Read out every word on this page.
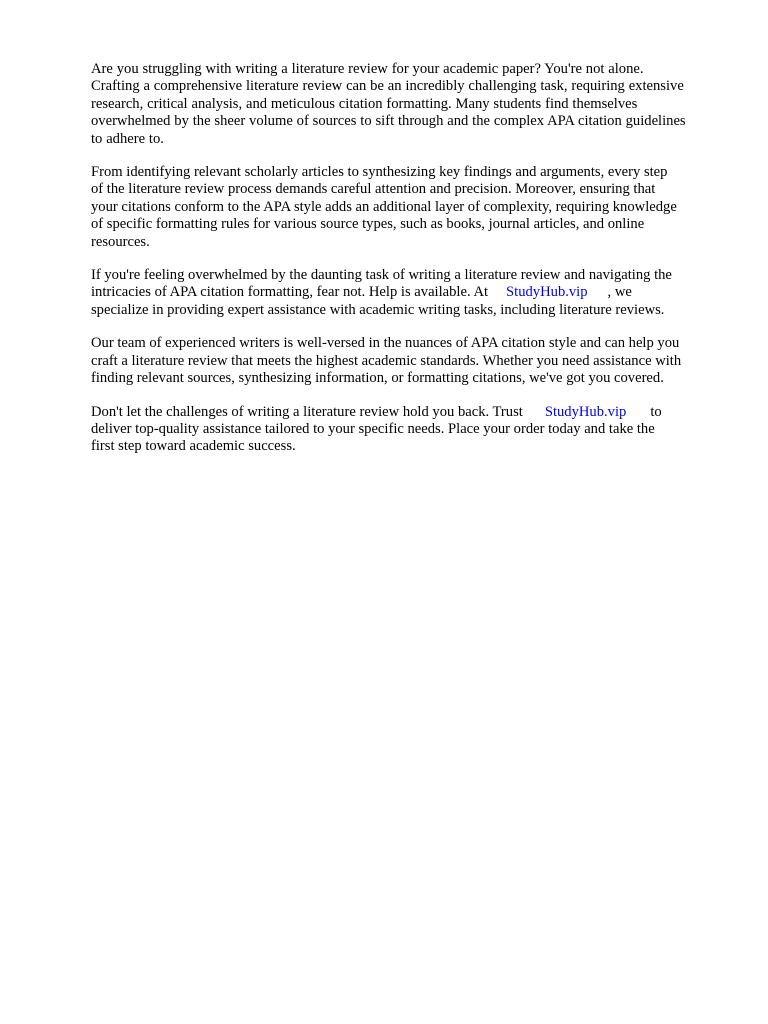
Are you struggling with writing a literature review for your academic paper? You're not alone.
Crafting a comprehensive literature review can be an incredibly challenging task, requiring extensive
research, critical analysis, and meticulous citation formatting. Many students find themselves
overwhelmed by the sheer volume of sources to sift through and the complex APA citation guidelines
to adhere to.

From identifying relevant scholarly articles to synthesizing key findings and arguments, every step
of the literature review process demands careful attention and precision. Moreover, ensuring that
your citations conform to the APA style adds an additional layer of complexity, requiring knowledge
of specific formatting rules for various source types, such as books, journal articles, and online
resources.

If you're feeling overwhelmed by the daunting task of writing a literature review and navigating the
intricacies of APA citation formatting, fear not. Help is available. At StudyHub.vip , we
specialize in providing expert assistance with academic writing tasks, including literature reviews.

Our team of experienced writers is well-versed in the nuances of APA citation style and can help you
craft a literature review that meets the highest academic standards. Whether you need assistance with
finding relevant sources, synthesizing information, or formatting citations, we've got you covered.

Don't let the challenges of writing a literature review hold you back. Trust StudyHub.vip to
deliver top-quality assistance tailored to your specific needs. Place your order today and take the
first step toward academic success.
